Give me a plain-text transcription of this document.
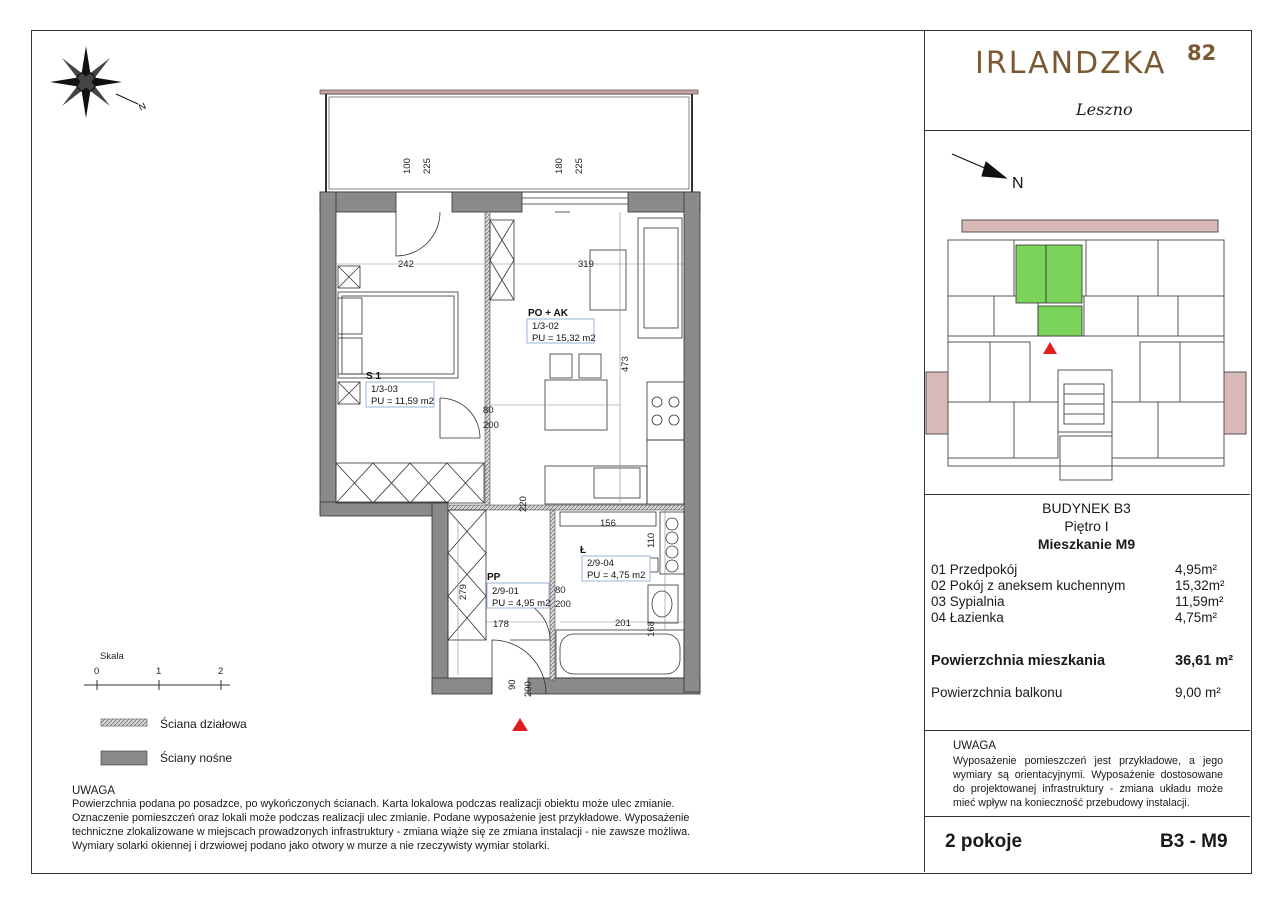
IRLANDZKA 82
Leszno
N
100 225	180 225
242	319
473
80
200
220
279
178
156
110
80
200
201 168
90 200
PO + AK
1/3-02
PU = 15,32 m2
S 1
1/3-03
PU = 11,59 m2
PP
2/9-01
PU = 4,95 m2
Ł
2/9-04
PU = 4,75 m2
Skala
0	1	2
Ściana działowa
Ściany nośne
UWAGA
Powierzchnia podana po posadzce, po wykończonych ścianach. Karta lokalowa podczas realizacji obiektu może ulec zmianie.
Oznaczenie pomieszczeń oraz lokali może podczas realizacji ulec zmianie. Podane wyposażenie jest przykładowe. Wyposażenie
techniczne zlokalizowane w miejscach prowadzonych infrastruktury - zmiana wiąże się ze zmiana instalacji - nie zawsze możliwa.
Wymiary solarki okiennej i drzwiowej podano jako otwory w murze a nie rzeczywisty wymiar stolarki.
N
BUDYNEK B3
Piętro I
Mieszkanie M9
01 Przedpokój	4,95m²
02 Pokój z aneksem kuchennym	15,32m²
03 Sypialnia	11,59m²
04 Łazienka	4,75m²
Powierzchnia mieszkania	36,61 m²
Powierzchnia balkonu	9,00 m²
UWAGA
Wyposażenie pomieszczeń jest przykładowe, a jego wymiary są orientacyjnymi. Wyposażenie dostosowane do projektowanej infrastruktury - zmiana układu może mieć wpływ na konieczność przebudowy instalacji.
2 pokoje	B3 - M9
